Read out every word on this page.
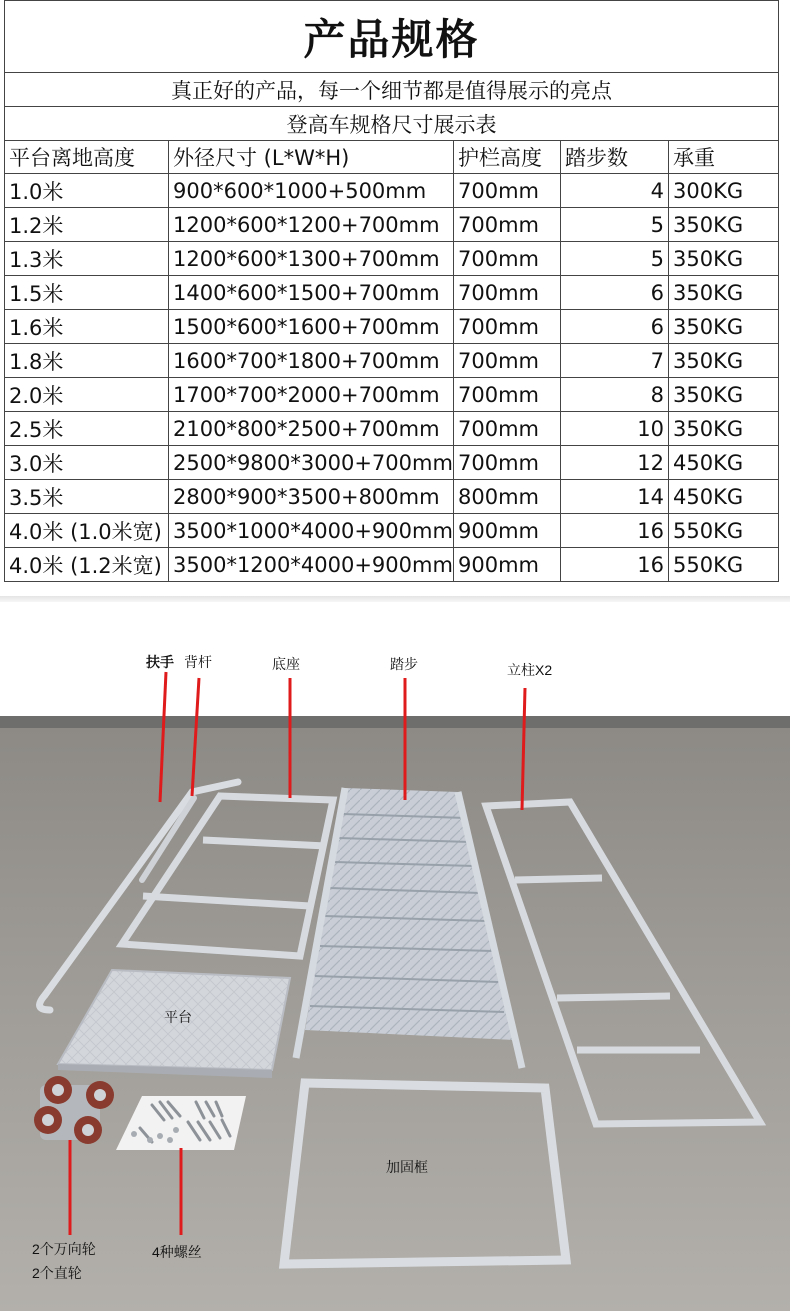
产品规格				
真正好的产品，每一个细节都是值得展示的亮点				
登高车规格尺寸展示表				
平台离地高度	外径尺寸 (L*W*H)	护栏高度	踏步数	承重
1.0米	900*600*1000+500mm	700mm	4	300KG
1.2米	1200*600*1200+700mm	700mm	5	350KG
1.3米	1200*600*1300+700mm	700mm	5	350KG
1.5米	1400*600*1500+700mm	700mm	6	350KG
1.6米	1500*600*1600+700mm	700mm	6	350KG
1.8米	1600*700*1800+700mm	700mm	7	350KG
2.0米	1700*700*2000+700mm	700mm	8	350KG
2.5米	2100*800*2500+700mm	700mm	10	350KG
3.0米	2500*9800*3000+700mm	700mm	12	450KG
3.5米	2800*900*3500+800mm	800mm	14	450KG
4.0米 (1.0米宽)	3500*1000*4000+900mm	900mm	16	550KG
4.0米 (1.2米宽)	3500*1200*4000+900mm	900mm	16	550KG
扶手 背杆	底座	踏步	立柱X2
平台
加固框
2个万向轮
2个直轮
4种螺丝
